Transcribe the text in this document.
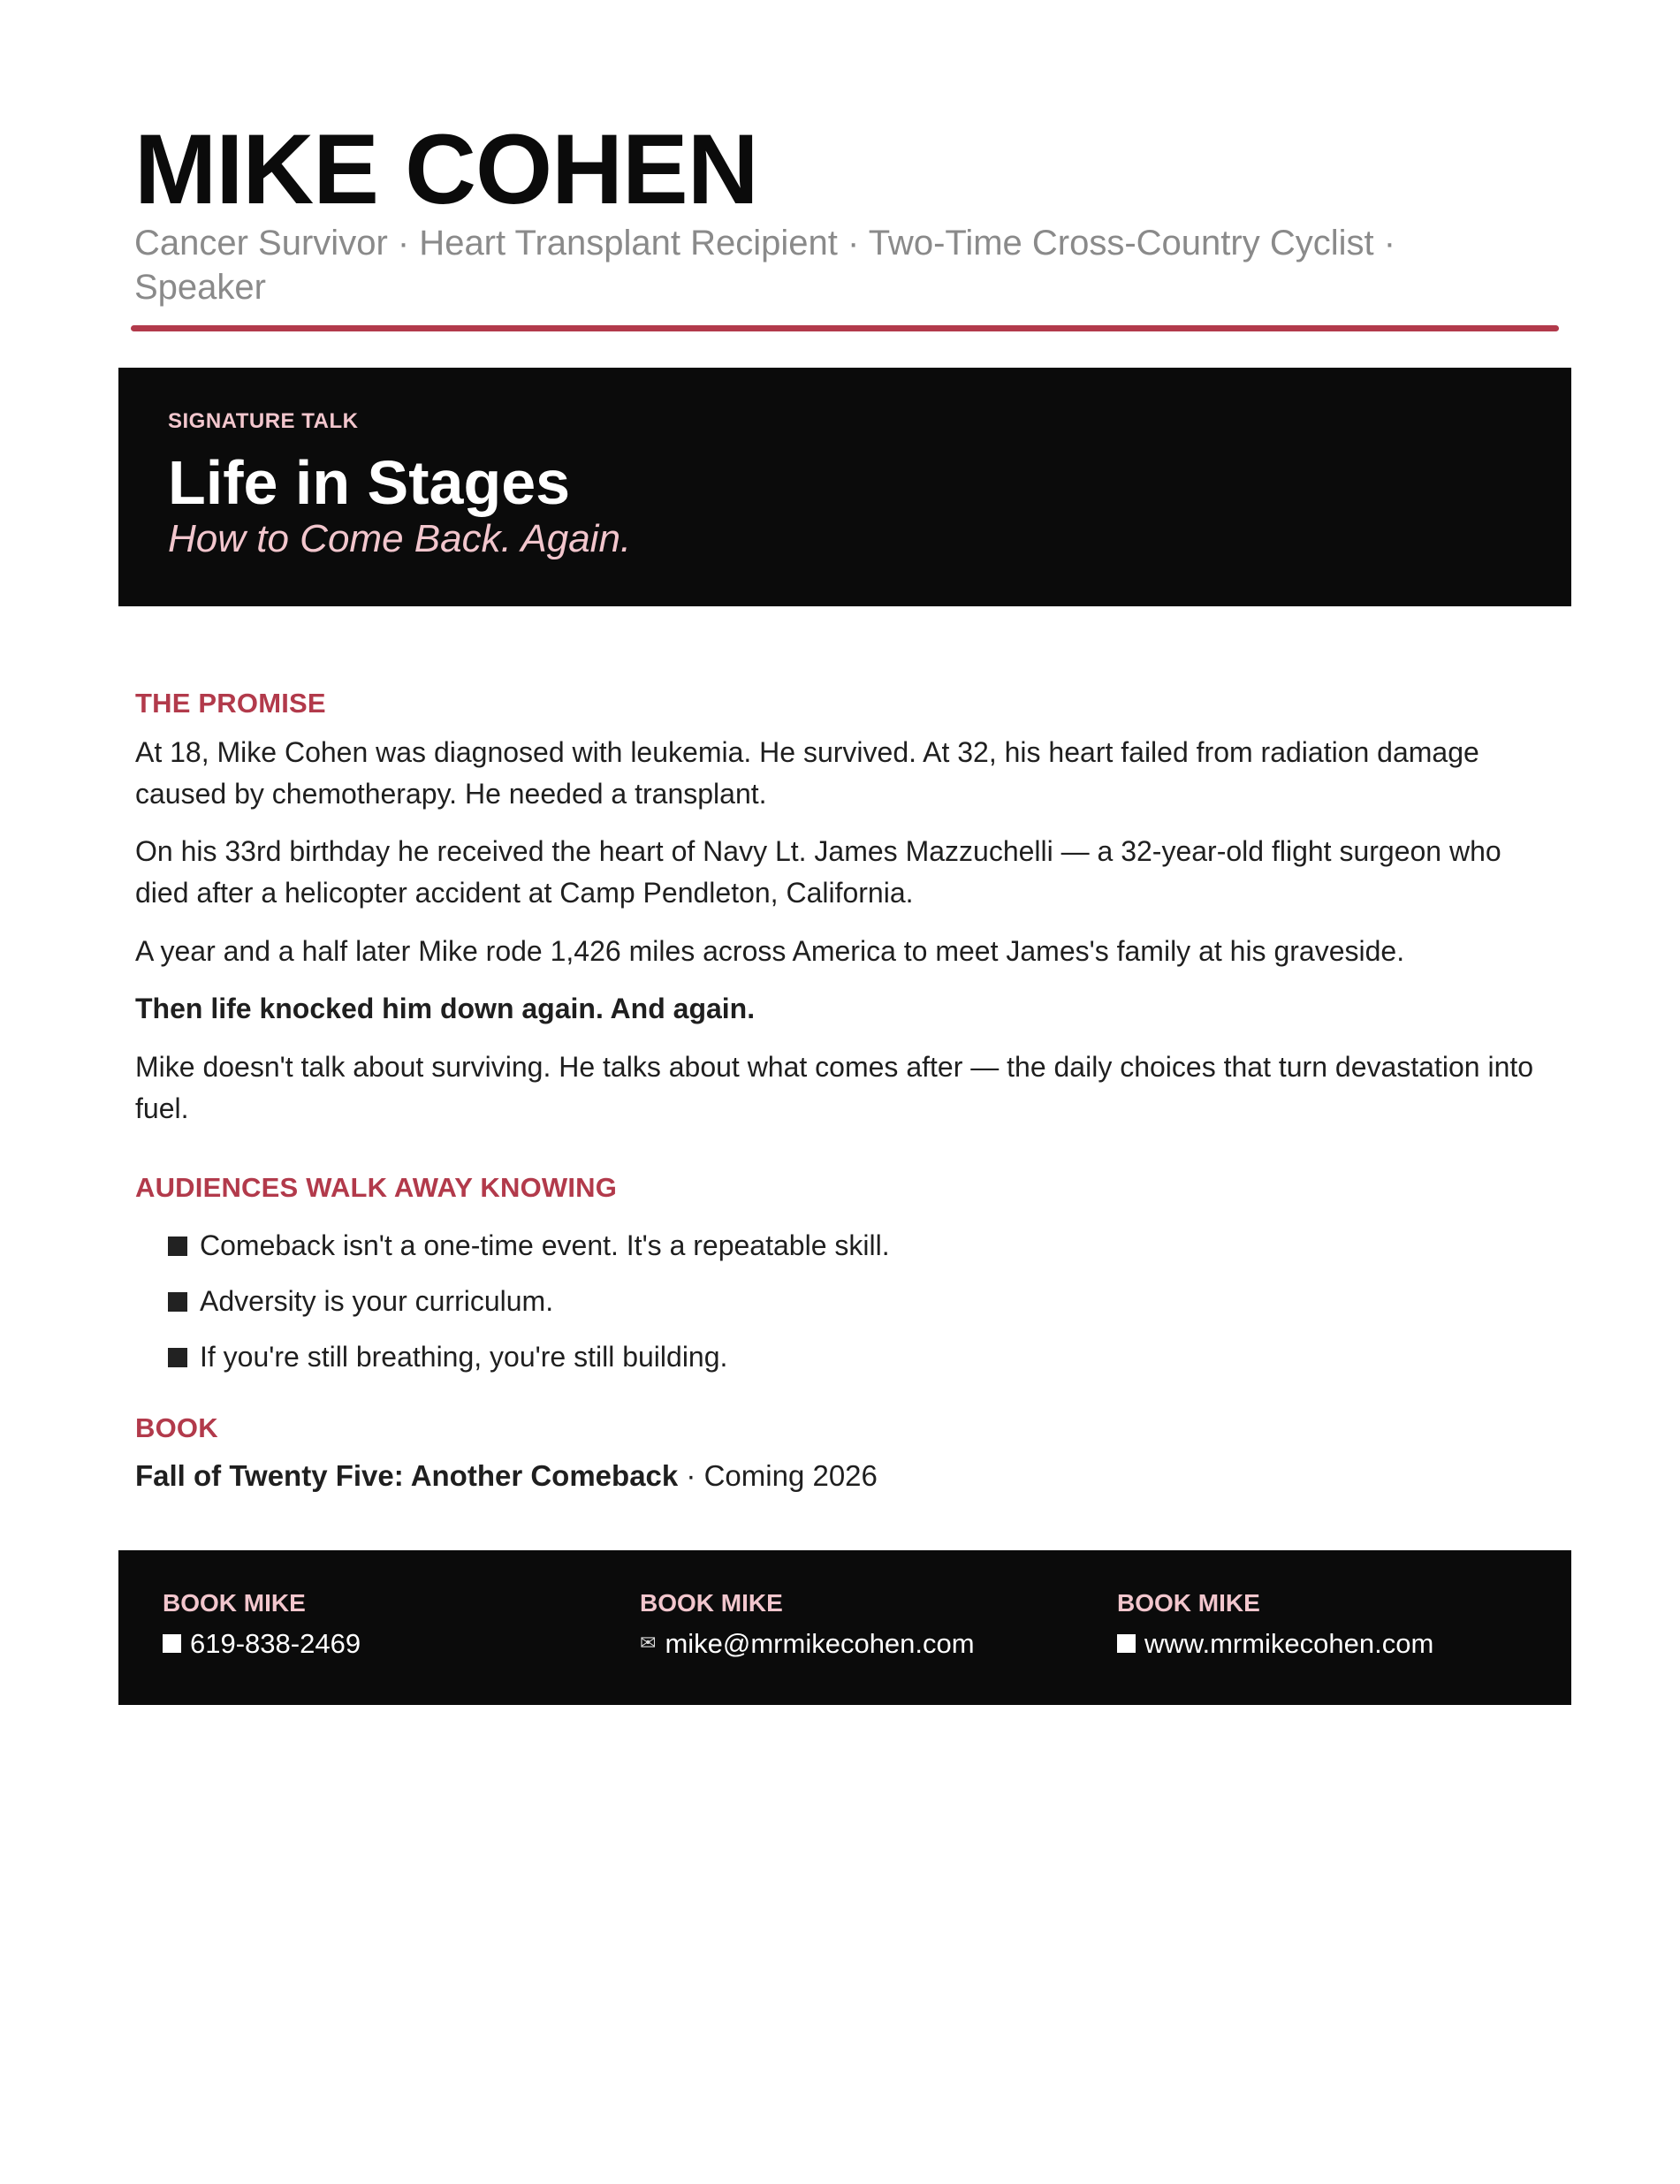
MIKE COHEN

Cancer Survivor · Heart Transplant Recipient · Two-Time Cross-Country Cyclist · Speaker

SIGNATURE TALK

Life in Stages

How to Come Back. Again.

THE PROMISE

At 18, Mike Cohen was diagnosed with leukemia. He survived. At 32, his heart failed from radiation damage caused by chemotherapy. He needed a transplant.

On his 33rd birthday he received the heart of Navy Lt. James Mazzuchelli — a 32-year-old flight surgeon who died after a helicopter accident at Camp Pendleton, California.

A year and a half later Mike rode 1,426 miles across America to meet James's family at his graveside.

Then life knocked him down again. And again.

Mike doesn't talk about surviving. He talks about what comes after — the daily choices that turn devastation into fuel.

AUDIENCES WALK AWAY KNOWING
Comeback isn't a one-time event. It's a repeatable skill.
Adversity is your curriculum.
If you're still breathing, you're still building.
BOOK

Fall of Twenty Five: Another Comeback · Coming 2026

BOOK MIKE
619-838-2469
BOOK MIKE
✉ mike@mrmikecohen.com
BOOK MIKE
www.mrmikecohen.com
